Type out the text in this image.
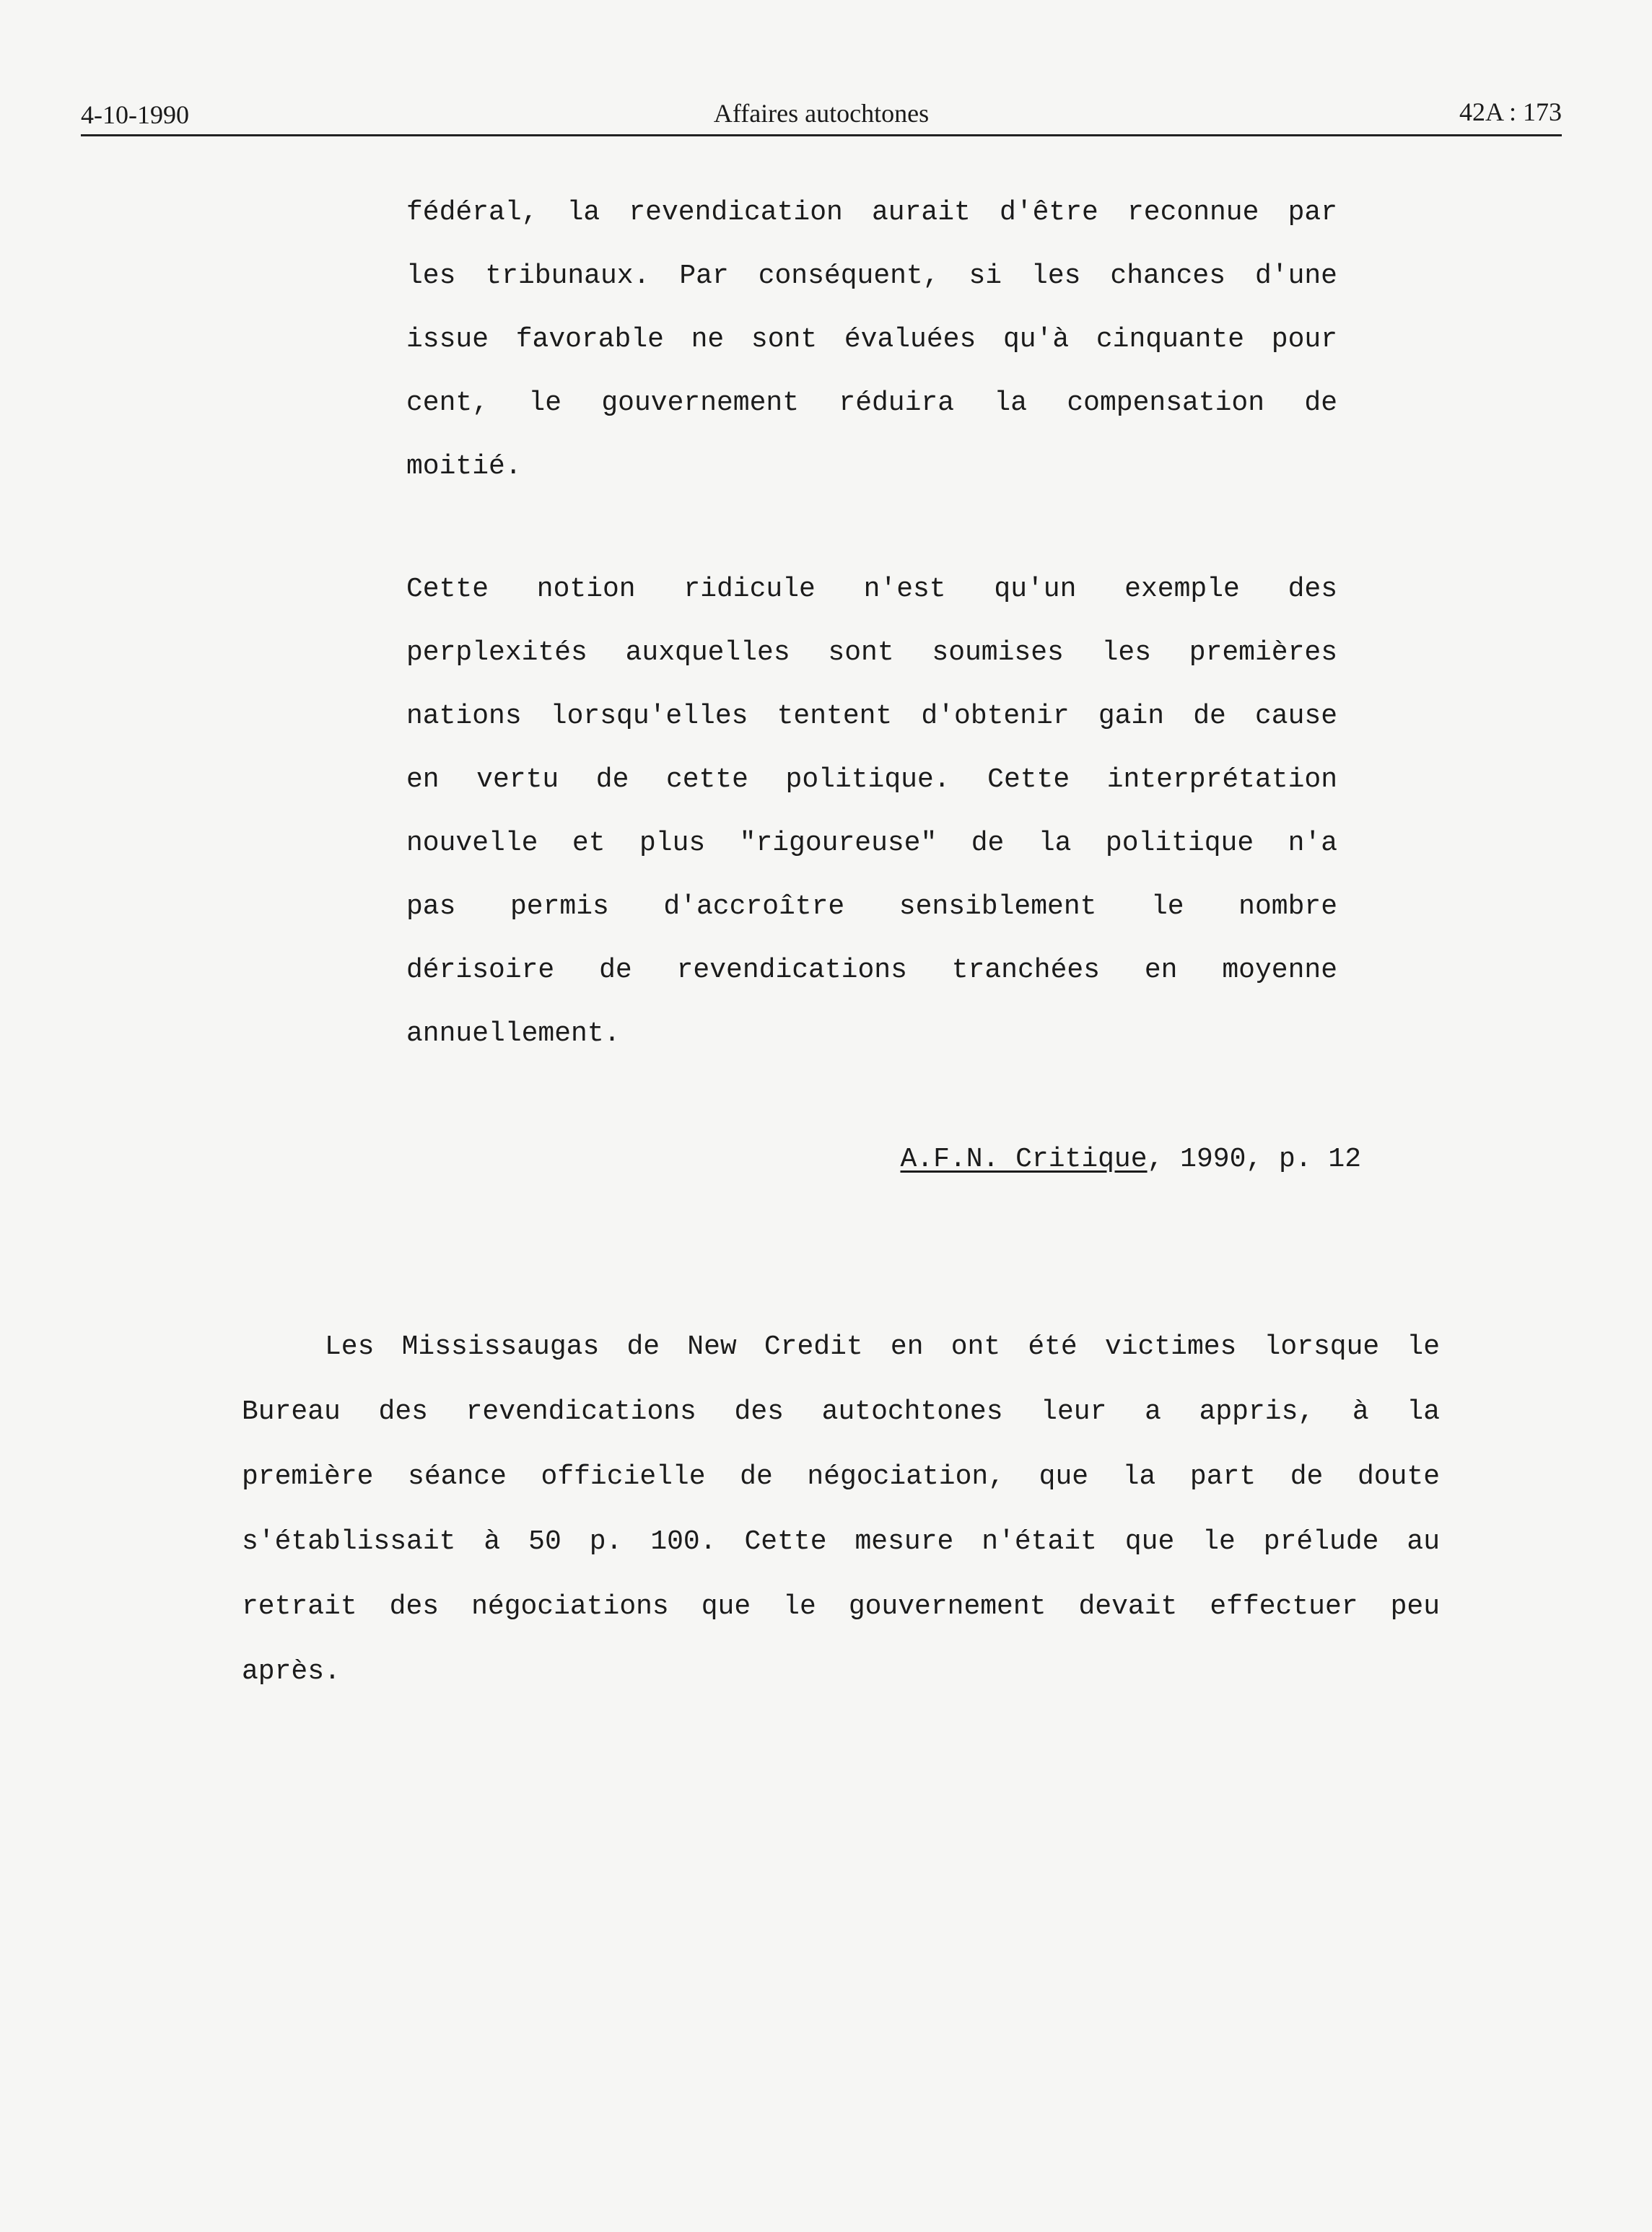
4-10-1990	Affaires autochtones	42A : 173
fédéral, la revendication aurait d'être reconnue par
les tribunaux. Par conséquent, si les chances d'une
issue favorable ne sont évaluées qu'à cinquante pour
cent, le gouvernement réduira la compensation de
moitié.
Cette notion ridicule n'est qu'un exemple des
perplexités auxquelles sont soumises les premières
nations lorsqu'elles tentent d'obtenir gain de cause
en vertu de cette politique. Cette interprétation
nouvelle et plus "rigoureuse" de la politique n'a
pas permis d'accroître sensiblement le nombre
dérisoire de revendications tranchées en moyenne
annuellement.
A.F.N. Critique, 1990, p. 12
Les Mississaugas de New Credit en ont été victimes lorsque le
Bureau des revendications des autochtones leur a appris, à la
première séance officielle de négociation, que la part de doute
s'établissait à 50 p. 100. Cette mesure n'était que le prélude au
retrait des négociations que le gouvernement devait effectuer peu
après.
